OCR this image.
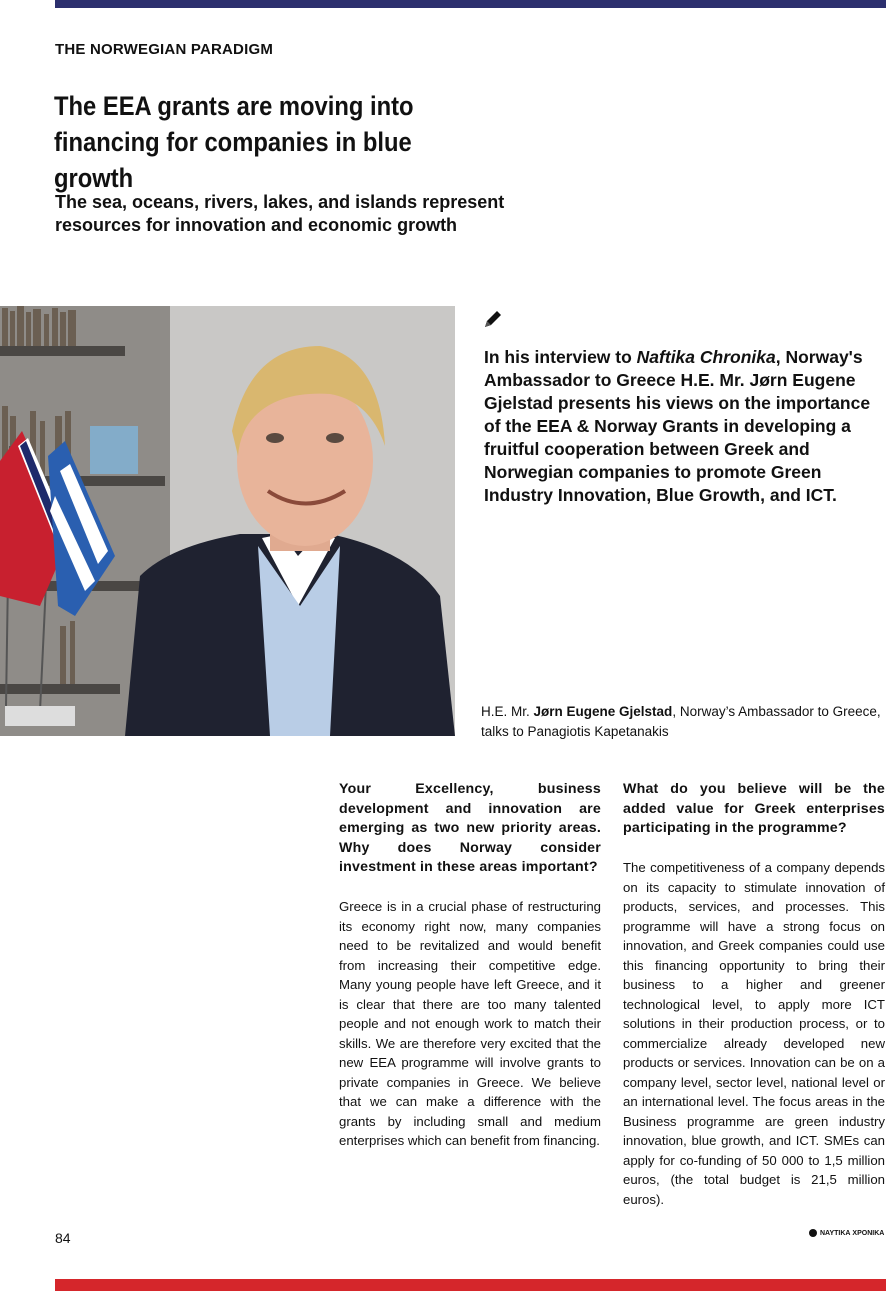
THE NORWEGIAN PARADIGM
The EEA grants are moving into financing for companies in blue growth
The sea, oceans, rivers, lakes, and islands represent resources for innovation and economic growth
In his interview to Naftika Chronika, Norway's Ambassador to Greece H.E. Mr. Jørn Eugene Gjelstad presents his views on the importance of the EEA & Norway Grants in developing a fruitful cooperation between Greek and Norwegian companies to promote Green Industry Innovation, Blue Growth, and ICT.
H.E. Mr. Jørn Eugene Gjelstad, Norway’s Ambassador to Greece, talks to Panagiotis Kapetanakis

Your Excellency, business development and innovation are emerging as two new priority areas. Why does Norway consider investment in these areas important?

Greece is in a crucial phase of restructuring its economy right now, many companies need to be revitalized and would benefit from increasing their competitive edge. Many young people have left Greece, and it is clear that there are too many talented people and not enough work to match their skills. We are therefore very excited that the new EEA programme will involve grants to private companies in Greece. We believe that we can make a difference with the grants by including small and medium enterprises which can benefit from financing.

What do you believe will be the added value for Greek enterprises participating in the programme?

The competitiveness of a company depends on its capacity to stimulate innovation of products, services, and processes. This programme will have a strong focus on innovation, and Greek companies could use this financing opportunity to bring their business to a higher and greener technological level, to apply more ICT solutions in their production process, or to commercialize already developed new products or services. Innovation can be on a company level, sector level, national level or an international level. The focus areas in the Business programme are green industry innovation, blue growth, and ICT. SMEs can apply for co-funding of 50 000 to 1,5 million euros, (the total budget is 21,5 million euros).

84	ΝΑΥΤΙΚΑ ΧΡΟΝΙΚΑ
